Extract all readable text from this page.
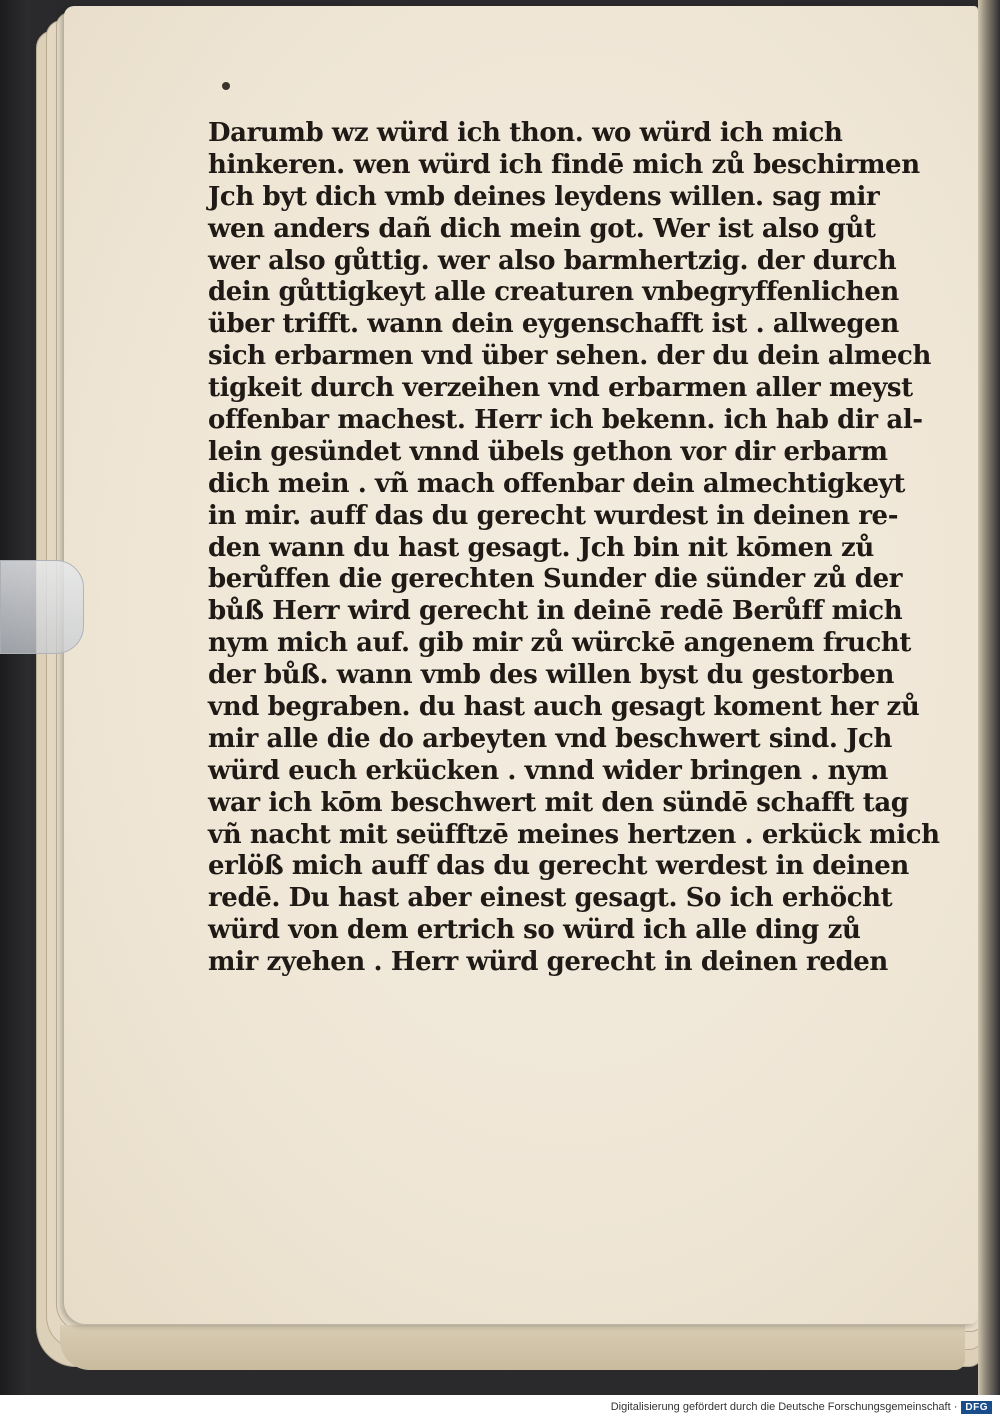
Darumb wz würd ich thon. wo würd ich mich
hinkeren. wen würd ich findē mich zů beschirmen
Jch byt dich vmb deines leydens willen. sag mir
wen anders dañ dich mein got. Wer ist also gůt
wer also gůttig. wer also barmhertzig. der durch
dein gůttigkeyt alle creaturen vnbegryffenlichen
über trifft. wann dein eygenschafft ist . allwegen
sich erbarmen vnd über sehen. der du dein almech
tigkeit durch verzeihen vnd erbarmen aller meyst
offenbar machest. Herr ich bekenn. ich hab dir al-
lein gesündet vnnd übels gethon vor dir erbarm
dich mein . vñ mach offenbar dein almechtigkeyt
in mir. auff das du gerecht wurdest in deinen re-
den wann du hast gesagt. Jch bin nit kōmen zů
berůffen die gerechten Sunder die sünder zů der
bůß Herr wird gerecht in deinē redē Berůff mich
nym mich auf. gib mir zů würckē angenem frucht
der bůß. wann vmb des willen byst du gestorben
vnd begraben. du hast auch gesagt koment her zů
mir alle die do arbeyten vnd beschwert sind. Jch
würd euch erkücken . vnnd wider bringen . nym
war ich kōm beschwert mit den sündē schafft tag
vñ nacht mit seüfftzē meines hertzen . erkück mich
erlöß mich auff das du gerecht werdest in deinen
redē. Du hast aber einest gesagt. So ich erhöcht
würd von dem ertrich so würd ich alle ding zů
mir zyehen . Herr würd gerecht in deinen reden
Digitalisierung gefördert durch die Deutsche Forschungsgemeinschaft · DFG
